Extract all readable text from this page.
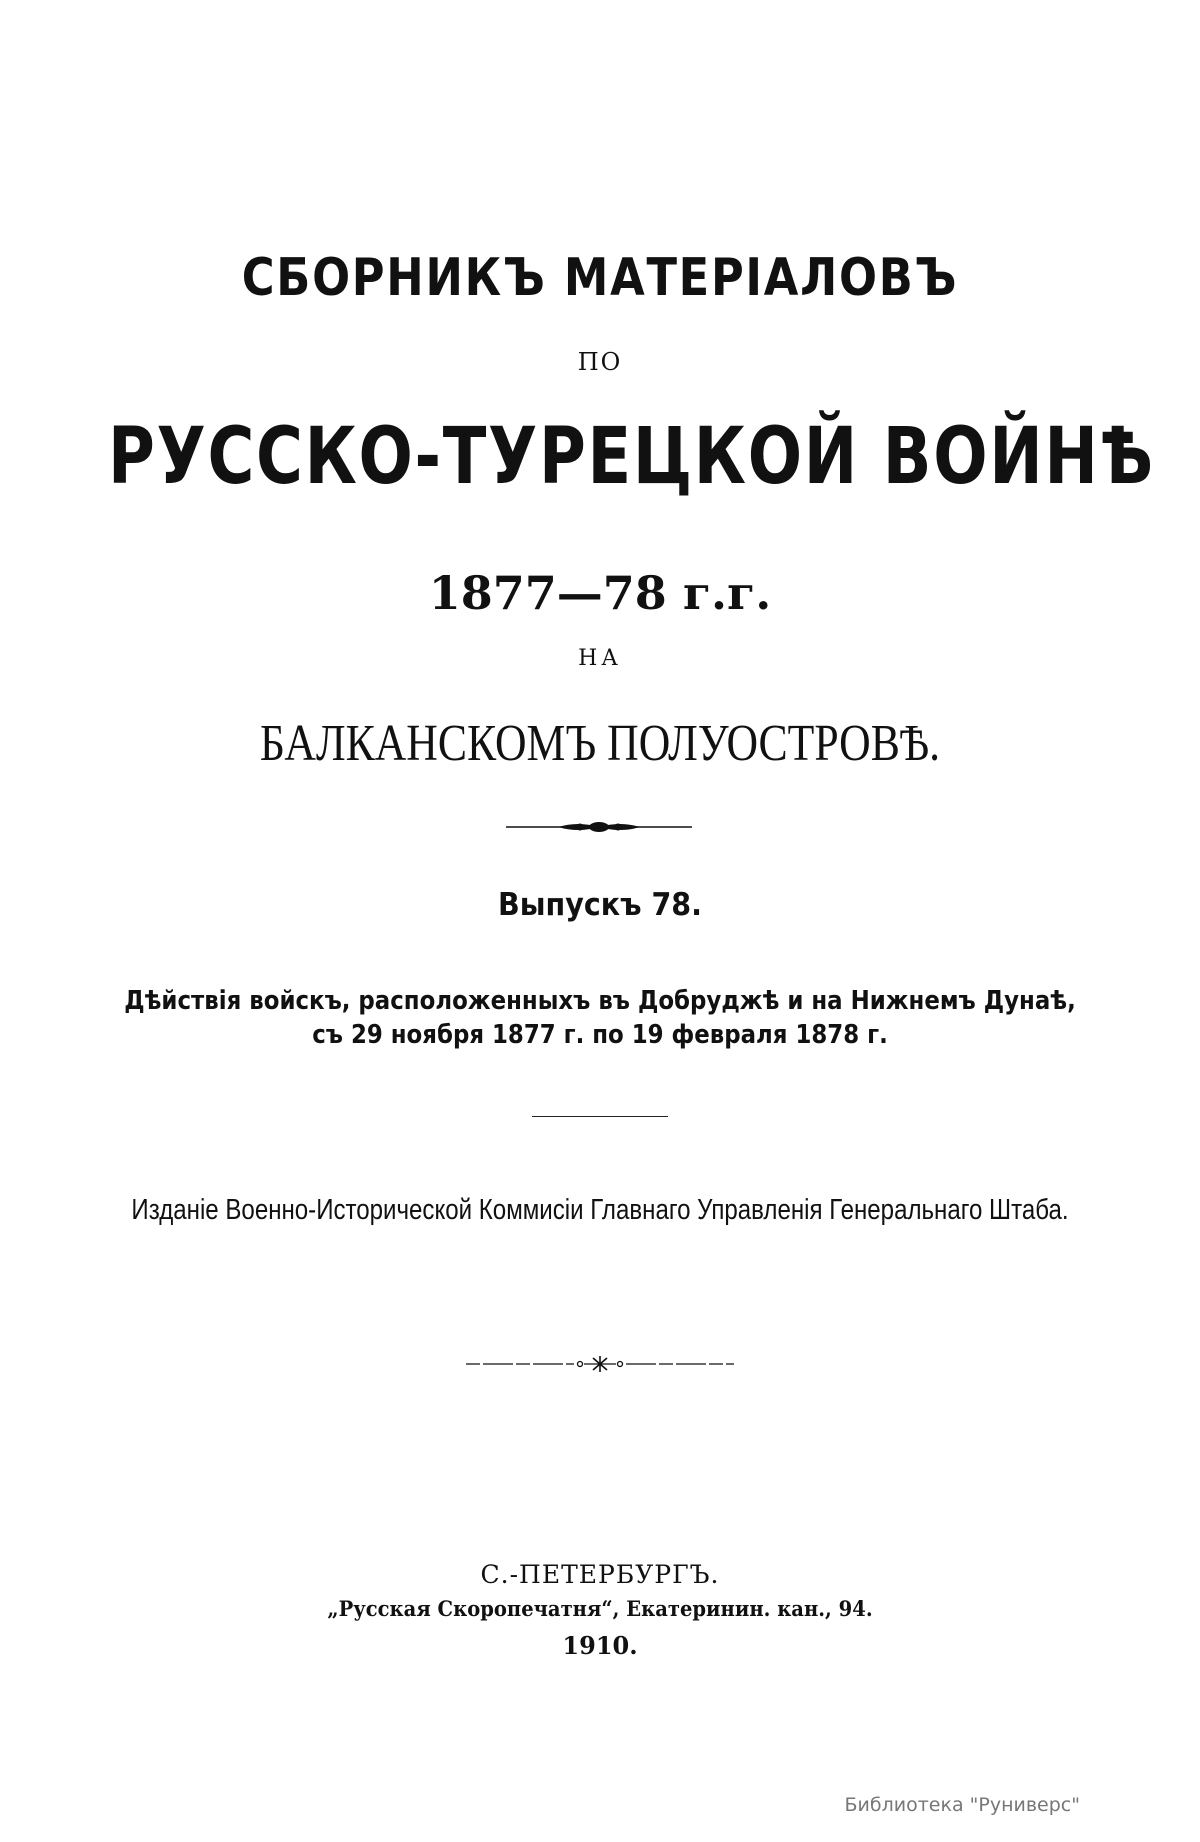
СБОРНИКЪ МАТЕРІАЛОВЪ
ПО
РУССКО-ТУРЕЦКОЙ ВОЙНѢ
1877—78 г.г.
НА
БАЛКАНСКОМЪ ПОЛУОСТРОВѢ.
Выпускъ 78.
Дѣйствія войскъ, расположенныхъ въ Добруджѣ и на Нижнемъ Дунаѣ,
съ 29 ноября 1877 г. по 19 февраля 1878 г.
Изданіе Военно-Исторической Коммисіи Главнаго Управленія Генеральнаго Штаба.
С.-ПЕТЕРБУРГЪ.
„Русская Скоропечатня“, Екатеринин. кан., 94.
1910.
Библиотека "Руниверс"
